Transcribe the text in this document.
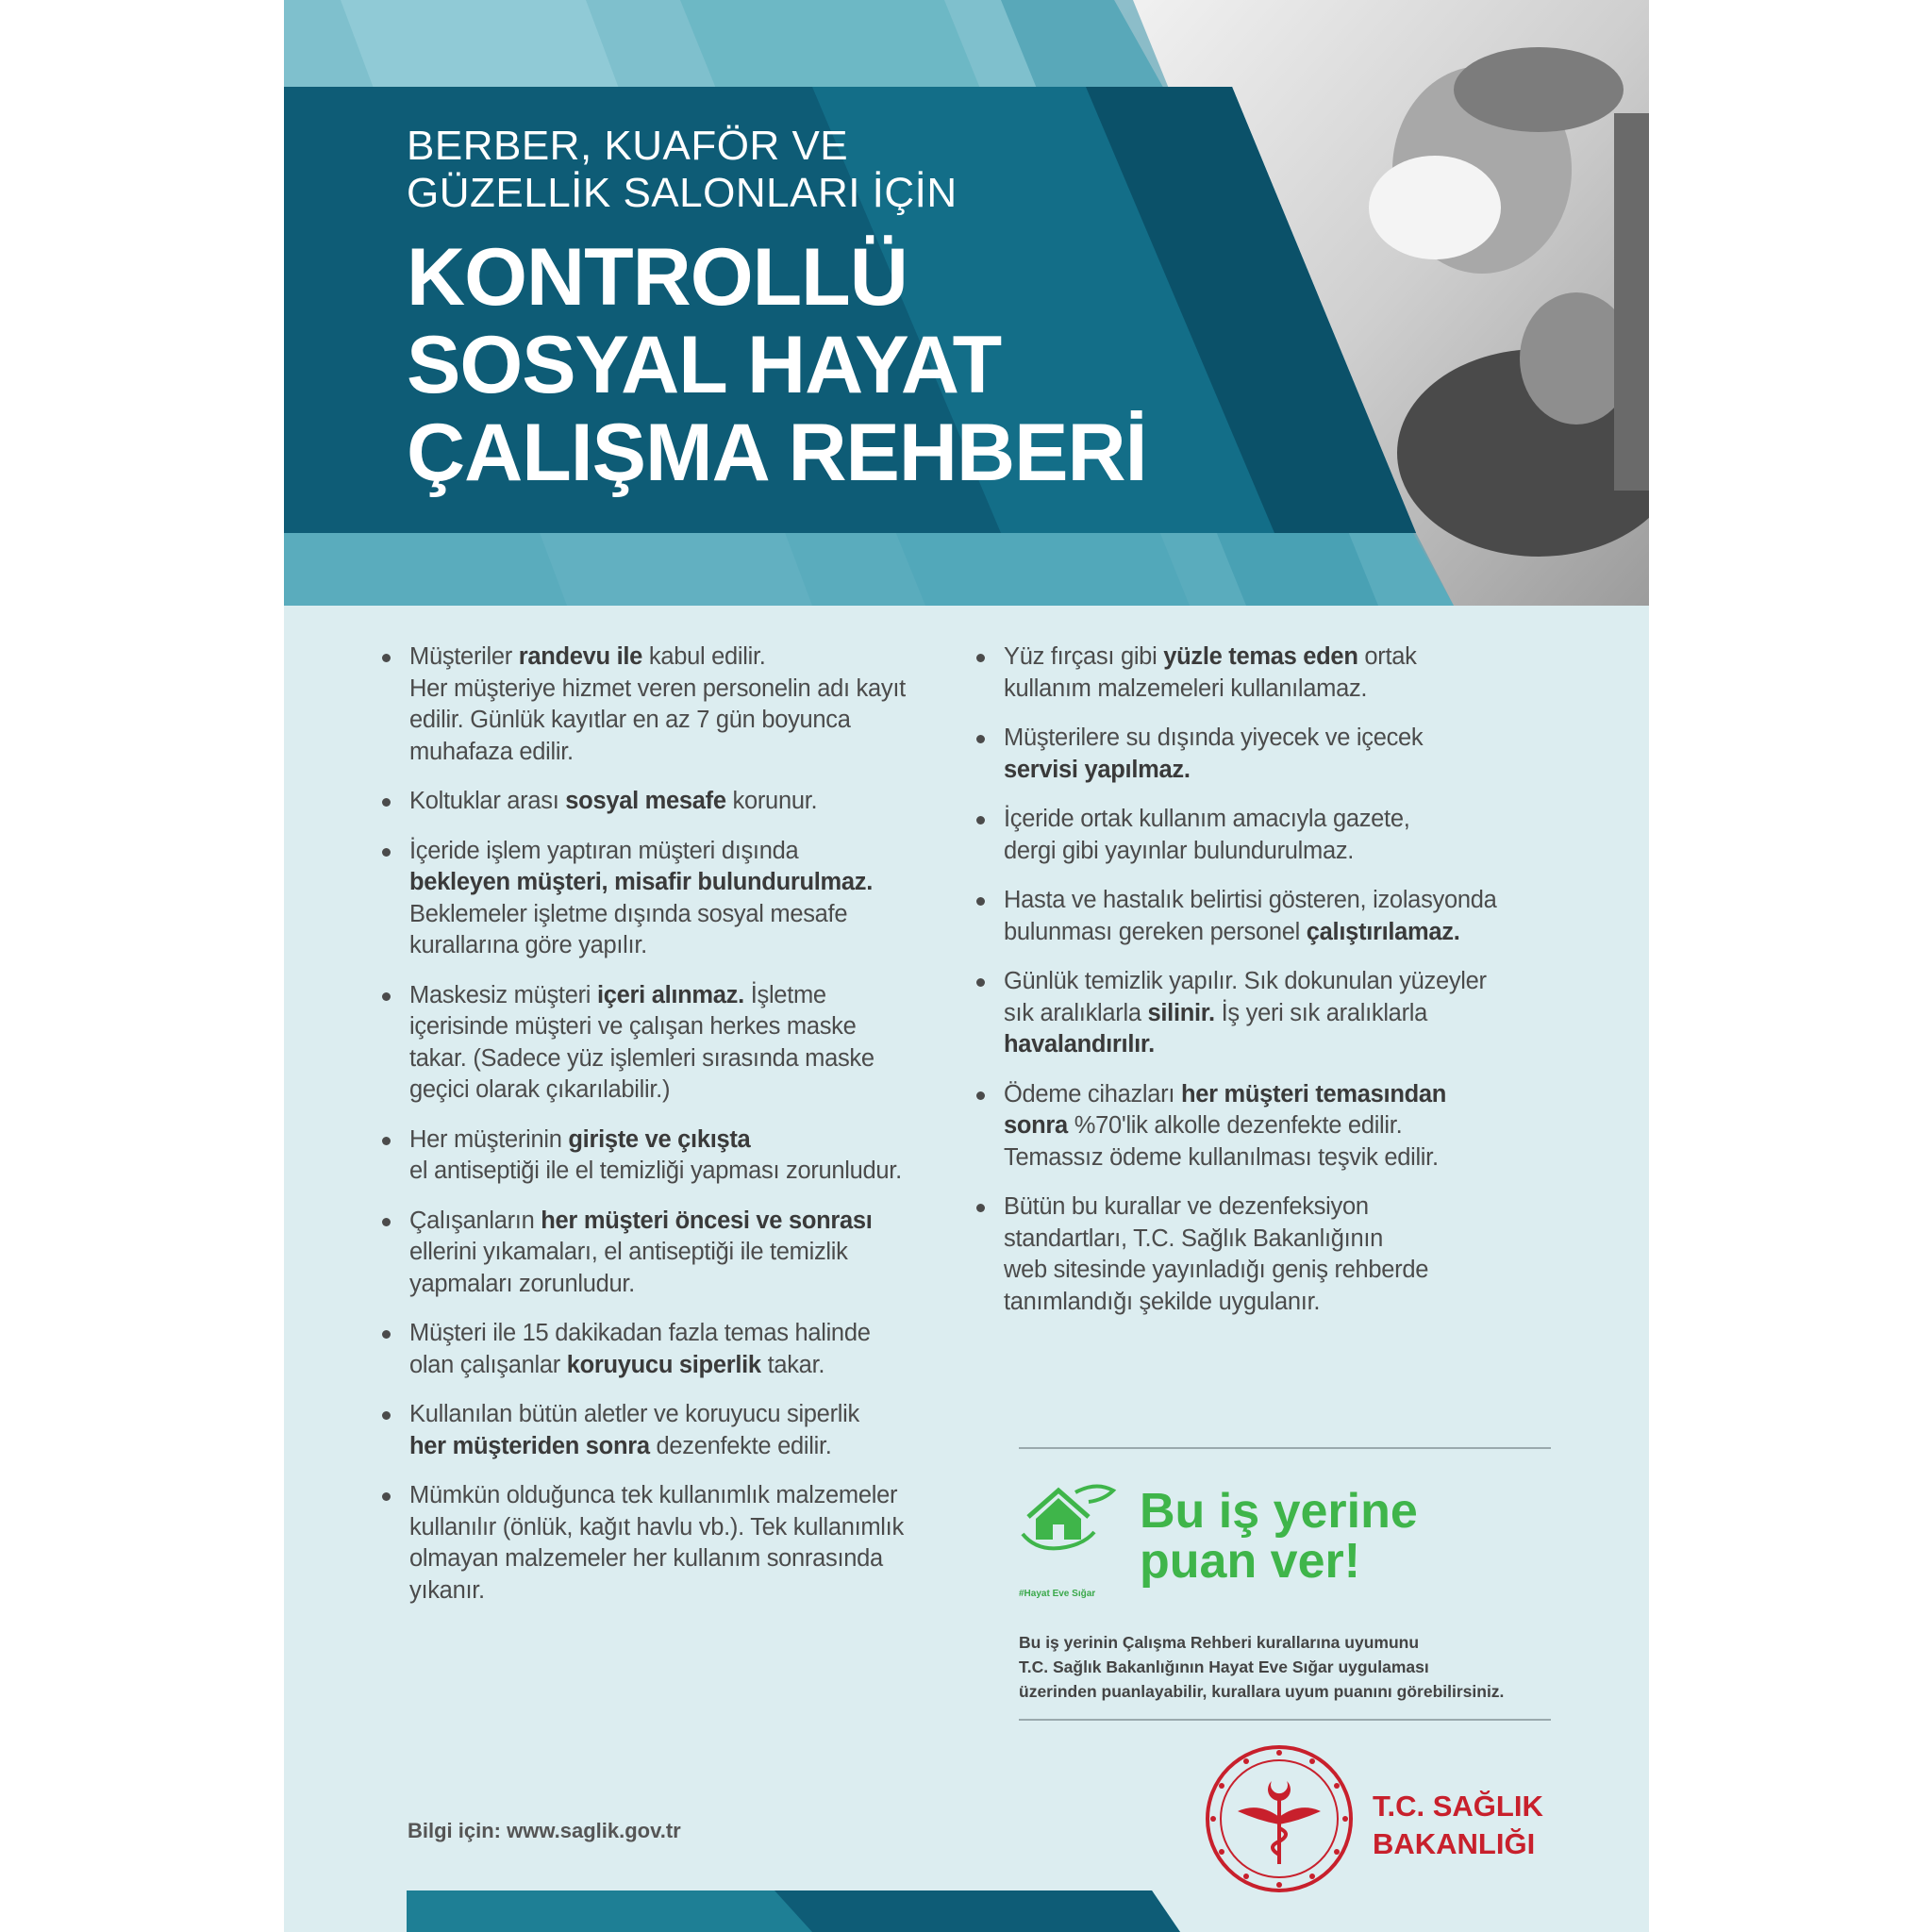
BERBER, KUAFÖR VE
GÜZELLİK SALONLARI İÇİN
KONTROLLÜ
SOSYAL HAYAT
ÇALIŞMA REHBERİ
Müşteriler randevu ile kabul edilir.
Her müşteriye hizmet veren personelin adı kayıt
edilir. Günlük kayıtlar en az 7 gün boyunca
muhafaza edilir.
Koltuklar arası sosyal mesafe korunur.
İçeride işlem yaptıran müşteri dışında
bekleyen müşteri, misafir bulundurulmaz.
Beklemeler işletme dışında sosyal mesafe
kurallarına göre yapılır.
Maskesiz müşteri içeri alınmaz. İşletme
içerisinde müşteri ve çalışan herkes maske
takar. (Sadece yüz işlemleri sırasında maske
geçici olarak çıkarılabilir.)
Her müşterinin girişte ve çıkışta
el antiseptiği ile el temizliği yapması zorunludur.
Çalışanların her müşteri öncesi ve sonrası
ellerini yıkamaları, el antiseptiği ile temizlik
yapmaları zorunludur.
Müşteri ile 15 dakikadan fazla temas halinde
olan çalışanlar koruyucu siperlik takar.
Kullanılan bütün aletler ve koruyucu siperlik
her müşteriden sonra dezenfekte edilir.
Mümkün olduğunca tek kullanımlık malzemeler
kullanılır (önlük, kağıt havlu vb.). Tek kullanımlık
olmayan malzemeler her kullanım sonrasında
yıkanır.
Yüz fırçası gibi yüzle temas eden ortak
kullanım malzemeleri kullanılamaz.
Müşterilere su dışında yiyecek ve içecek
servisi yapılmaz.
İçeride ortak kullanım amacıyla gazete,
dergi gibi yayınlar bulundurulmaz.
Hasta ve hastalık belirtisi gösteren, izolasyonda
bulunması gereken personel çalıştırılamaz.
Günlük temizlik yapılır. Sık dokunulan yüzeyler
sık aralıklarla silinir. İş yeri sık aralıklarla
havalandırılır.
Ödeme cihazları her müşteri temasından
sonra %70'lik alkolle dezenfekte edilir.
Temassız ödeme kullanılması teşvik edilir.
Bütün bu kurallar ve dezenfeksiyon
standartları, T.C. Sağlık Bakanlığının
web sitesinde yayınladığı geniş rehberde
tanımlandığı şekilde uygulanır.
#Hayat Eve Sığar
Bu iş yerine
puan ver!
Bu iş yerinin Çalışma Rehberi kurallarına uyumunu
T.C. Sağlık Bakanlığının Hayat Eve Sığar uygulaması
üzerinden puanlayabilir, kurallara uyum puanını görebilirsiniz.
Bilgi için: www.saglik.gov.tr
T.C. SAĞLIK
BAKANLIĞI
